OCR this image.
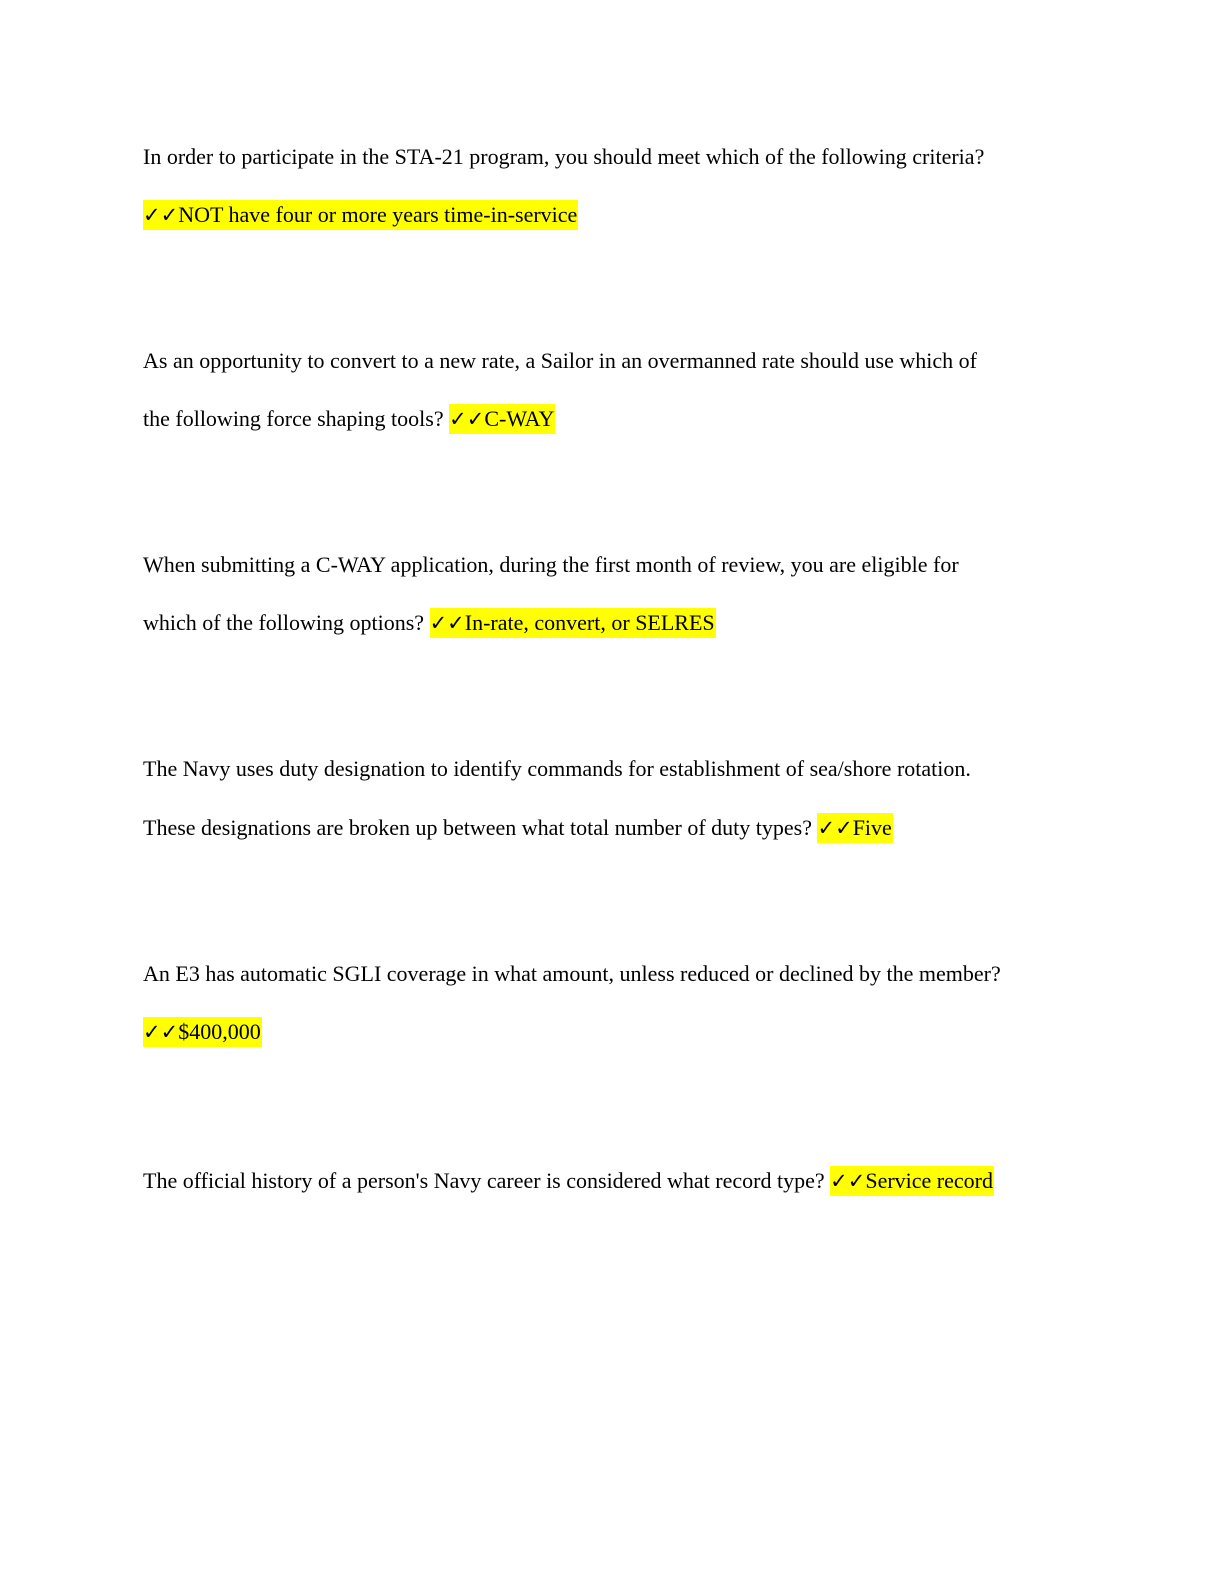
In order to participate in the STA-21 program, you should meet which of the following criteria?
✓✓NOT have four or more years time-in-service
As an opportunity to convert to a new rate, a Sailor in an overmanned rate should use which of
the following force shaping tools? ✓✓C-WAY
When submitting a C-WAY application, during the first month of review, you are eligible for
which of the following options? ✓✓In-rate, convert, or SELRES
The Navy uses duty designation to identify commands for establishment of sea/shore rotation.
These designations are broken up between what total number of duty types? ✓✓Five
An E3 has automatic SGLI coverage in what amount, unless reduced or declined by the member?
✓✓$400,000
The official history of a person's Navy career is considered what record type? ✓✓Service record
